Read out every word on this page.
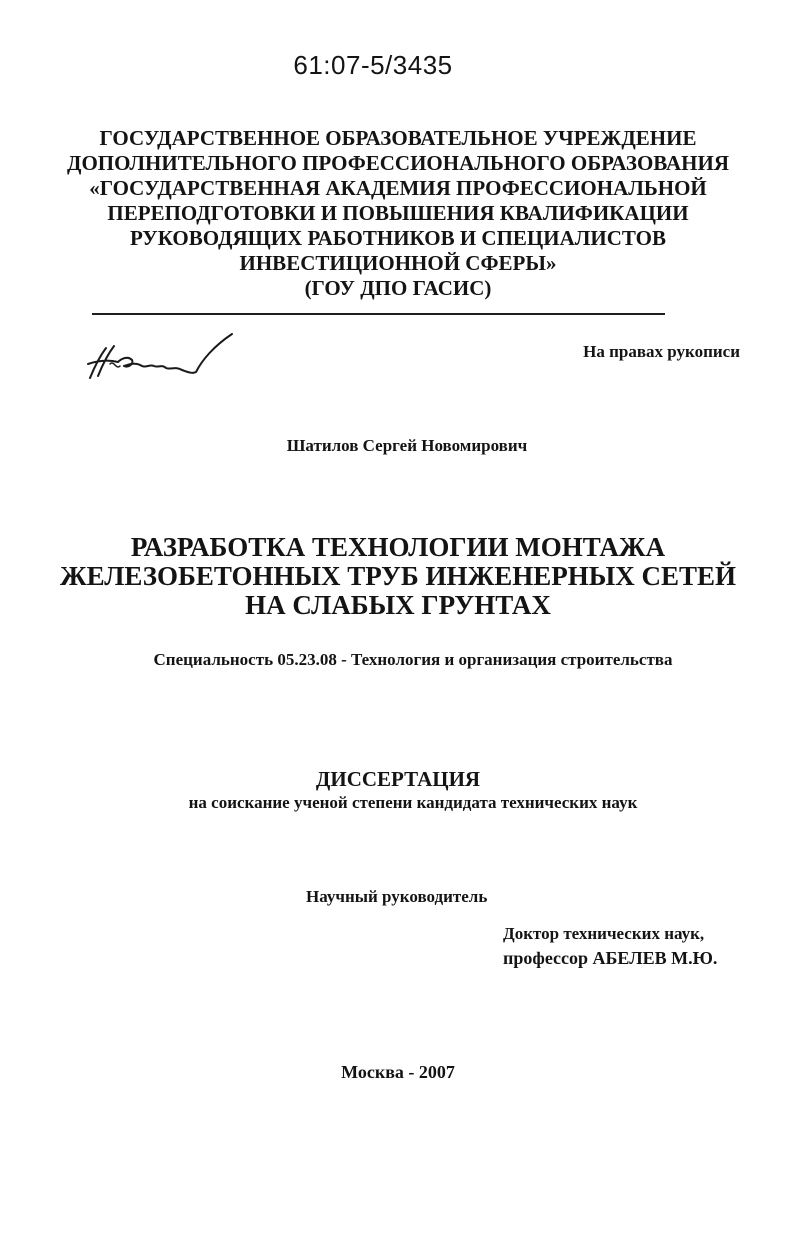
61:07-5/3435
ГОСУДАРСТВЕННОЕ ОБРАЗОВАТЕЛЬНОЕ УЧРЕЖДЕНИЕ
ДОПОЛНИТЕЛЬНОГО ПРОФЕССИОНАЛЬНОГО ОБРАЗОВАНИЯ
«ГОСУДАРСТВЕННАЯ АКАДЕМИЯ ПРОФЕССИОНАЛЬНОЙ
ПЕРЕПОДГОТОВКИ И ПОВЫШЕНИЯ КВАЛИФИКАЦИИ
РУКОВОДЯЩИХ РАБОТНИКОВ И СПЕЦИАЛИСТОВ
ИНВЕСТИЦИОННОЙ СФЕРЫ»
(ГОУ ДПО ГАСИС)
На правах рукописи
Шатилов Сергей Новомирович
РАЗРАБОТКА ТЕХНОЛОГИИ МОНТАЖА
ЖЕЛЕЗОБЕТОННЫХ ТРУБ ИНЖЕНЕРНЫХ СЕТЕЙ
НА СЛАБЫХ ГРУНТАХ
Специальность 05.23.08 - Технология и организация строительства
ДИССЕРТАЦИЯ
на соискание ученой степени кандидата технических наук
Научный руководитель
Доктор технических наук,
профессор АБЕЛЕВ М.Ю.
Москва - 2007
